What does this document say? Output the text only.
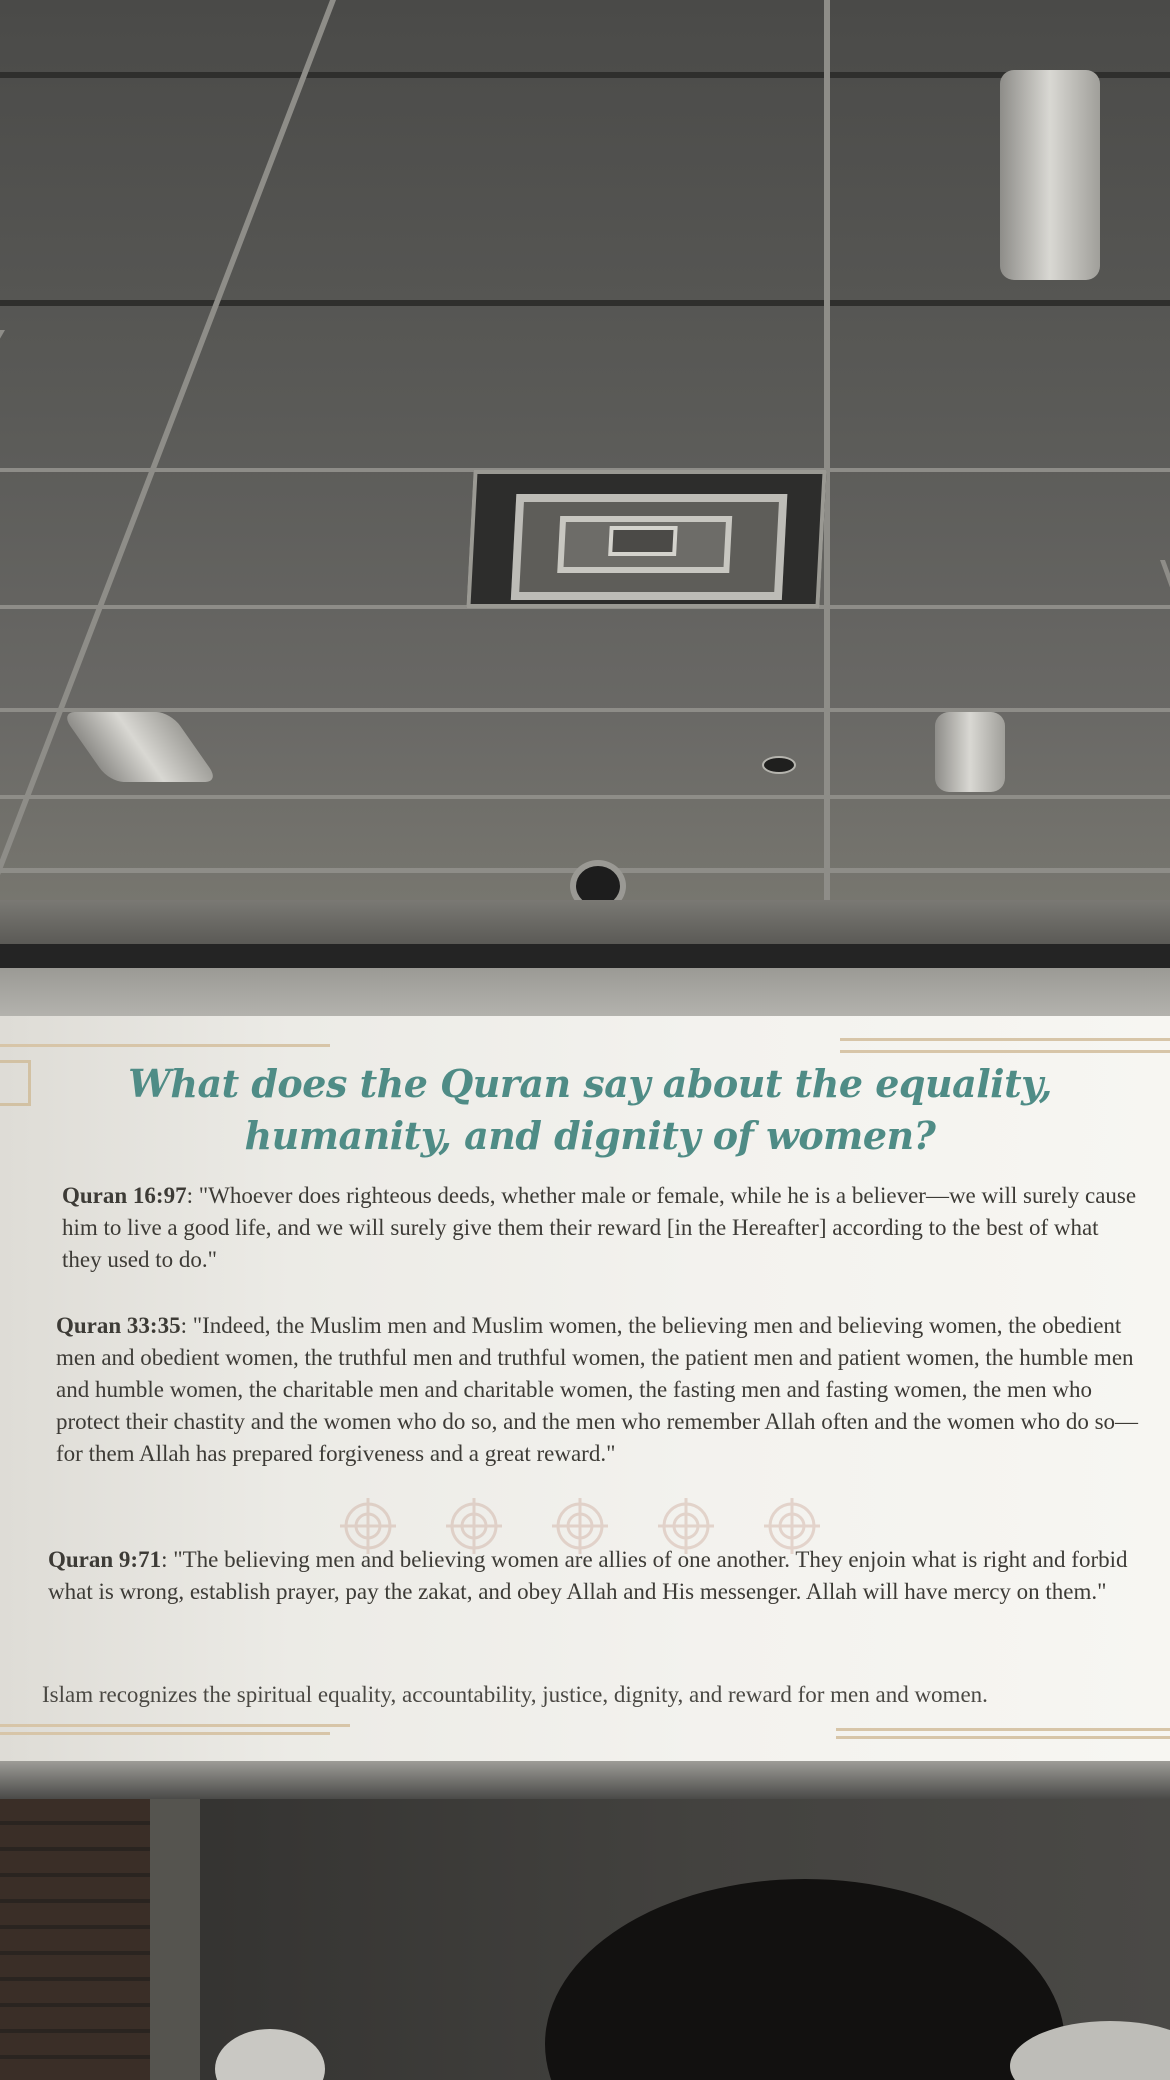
What does the Quran say about the equality, humanity, and dignity of women?
Quran 16:97: "Whoever does righteous deeds, whether male or female, while he is a believer—we will surely cause him to live a good life, and we will surely give them their reward [in the Hereafter] according to the best of what they used to do."
Quran 33:35: "Indeed, the Muslim men and Muslim women, the believing men and believing women, the obedient men and obedient women, the truthful men and truthful women, the patient men and patient women, the humble men and humble women, the charitable men and charitable women, the fasting men and fasting women, the men who protect their chastity and the women who do so, and the men who remember Allah often and the women who do so—for them Allah has prepared forgiveness and a great reward."
Quran 9:71: "The believing men and believing women are allies of one another. They enjoin what is right and forbid what is wrong, establish prayer, pay the zakat, and obey Allah and His messenger. Allah will have mercy on them."
Islam recognizes the spiritual equality, accountability, justice, dignity, and reward for men and women.
